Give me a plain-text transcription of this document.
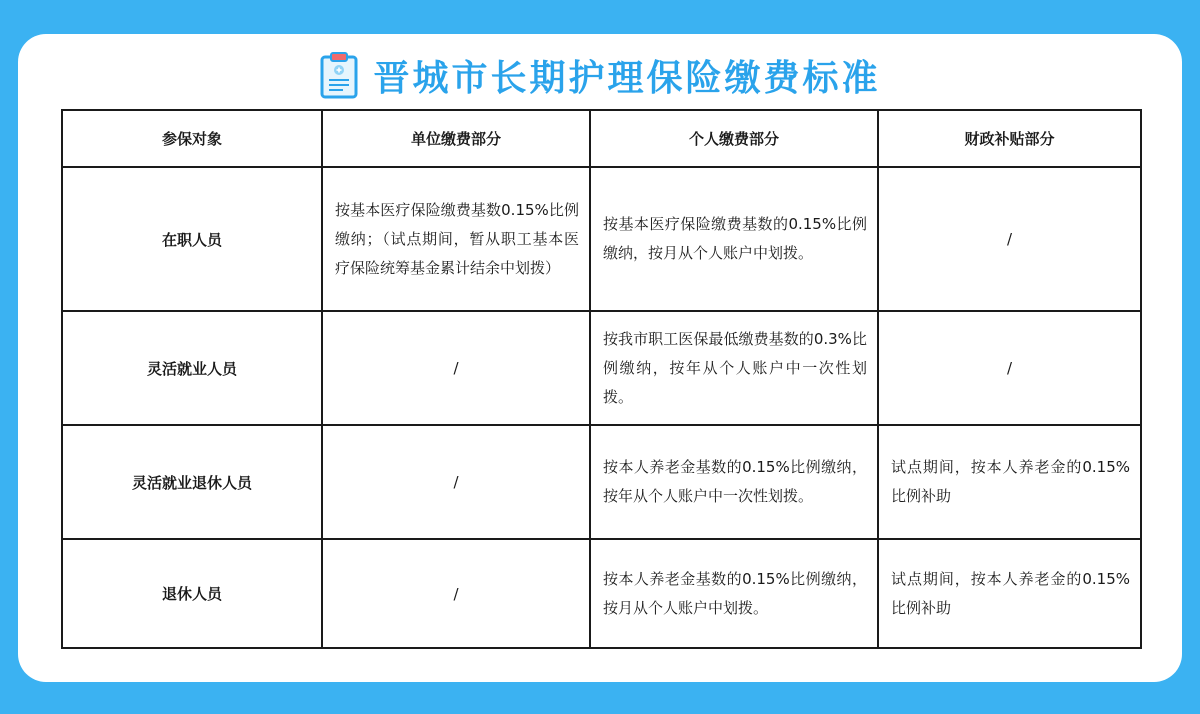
晋城市长期护理保险缴费标准
参保对象	单位缴费部分	个人缴费部分	财政补贴部分
在职人员	按基本医疗保险缴费基数0.15%比例缴纳；（试点期间，暂从职工基本医疗保险统筹基金累计结余中划拨）	按基本医疗保险缴费基数的0.15%比例缴纳，按月从个人账户中划拨。	/
灵活就业人员	/	按我市职工医保最低缴费基数的0.3%比例缴纳，按年从个人账户中一次性划拨。	/
灵活就业退休人员	/	按本人养老金基数的0.15%比例缴纳，按年从个人账户中一次性划拨。	试点期间，按本人养老金的0.15%比例补助
退休人员	/	按本人养老金基数的0.15%比例缴纳，按月从个人账户中划拨。	试点期间，按本人养老金的0.15%比例补助
